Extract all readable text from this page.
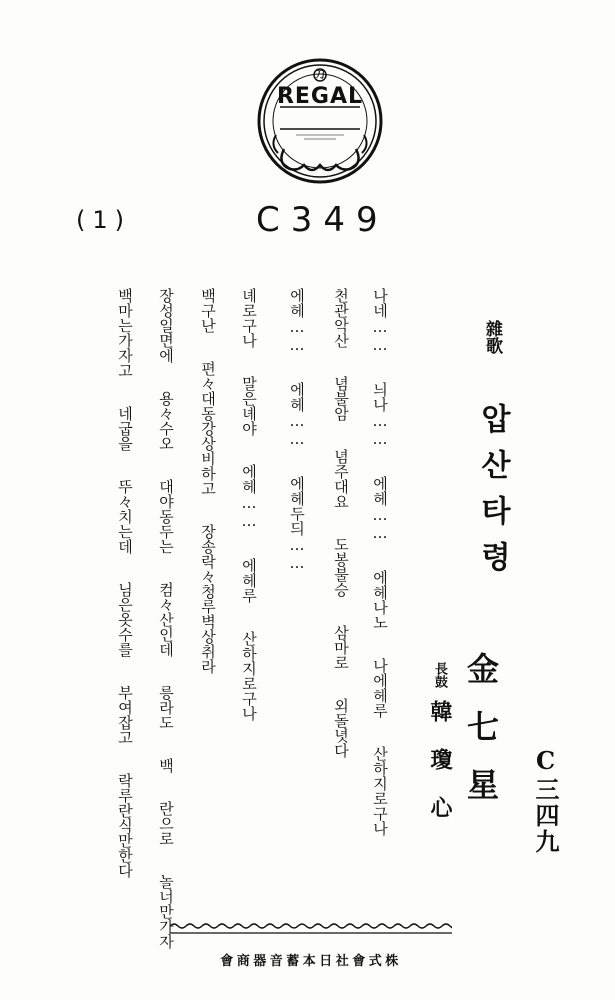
REGAL
刀
(1)	C349
雜歌
압산타령
金七星
長鼓
韓瓊心	C三四九
나네…… 늬나…… 에헤…… 에헤나노 나에헤루 산하지로구나
천관악산 념불암 념주대요 도봉불승 삼마로 외돌녓다
에헤…… 에헤…… 에헤두듸……
녜로구나 말은녜야 에헤…… 에헤루 산하지로구나
백구난 편々대동강상비하고 장송락々청루벽상취라
장성일면에 용々수오 대야동두는 컴々산인데 릉라도 백 란으로 놀너만가자
백마는가자고 네굽을 뚜々치는데 님은옷수를 부여잡고 락루란식만한다
株式會社日本蓄音器商會
